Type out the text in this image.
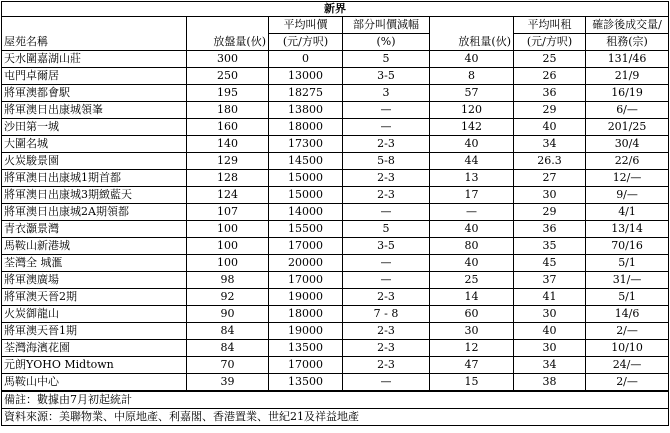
新界						
屋苑名稱	放盤量(伙)	平均叫價	部分叫價減幅	放租量(伙)	平均叫租	確診後成交量/
		(元/方呎)	(%)		(元/方呎)	租務(宗)
天水圍嘉湖山莊	300	0	5	40	25	131/46
屯門卓爾居	250	13000	3-5	8	26	21/9
將軍澳都會駅	195	18275	3	57	36	16/19
將軍澳日出康城領峯	180	13800	—	120	29	6/—
沙田第一城	160	18000	—	142	40	201/25
大圍名城	140	17300	2-3	40	34	30/4
火炭駿景園	129	14500	5-8	44	26.3	22/6
將軍澳日出康城1期首都	128	15000	2-3	13	27	12/—
將軍澳日出康城3期緻藍天	124	15000	2-3	17	30	9/—
將軍澳日出康城2A期領都	107	14000	—	—	29	4/1
青衣灝景灣	100	15500	5	40	36	13/14
馬鞍山新港城	100	17000	3-5	80	35	70/16
荃灣全 城滙	100	20000	—	40	45	5/1
將軍澳廣場	98	17000	—	25	37	31/—
將軍澳天晉2期	92	19000	2-3	14	41	5/1
火炭御龍山	90	18000	7 - 8	60	30	14/6
將軍澳天晉1期	84	19000	2-3	30	40	2/—
荃灣海濱花園	84	13500	2-3	12	30	10/10
元朗YOHO Midtown	70	17000	2-3	47	34	24/—
馬鞍山中心	39	13500	—	15	38	2/—
備註：數據由7月初起統計						
資料來源：美聯物業、中原地產、利嘉閣、香港置業、世紀21及祥益地產						
